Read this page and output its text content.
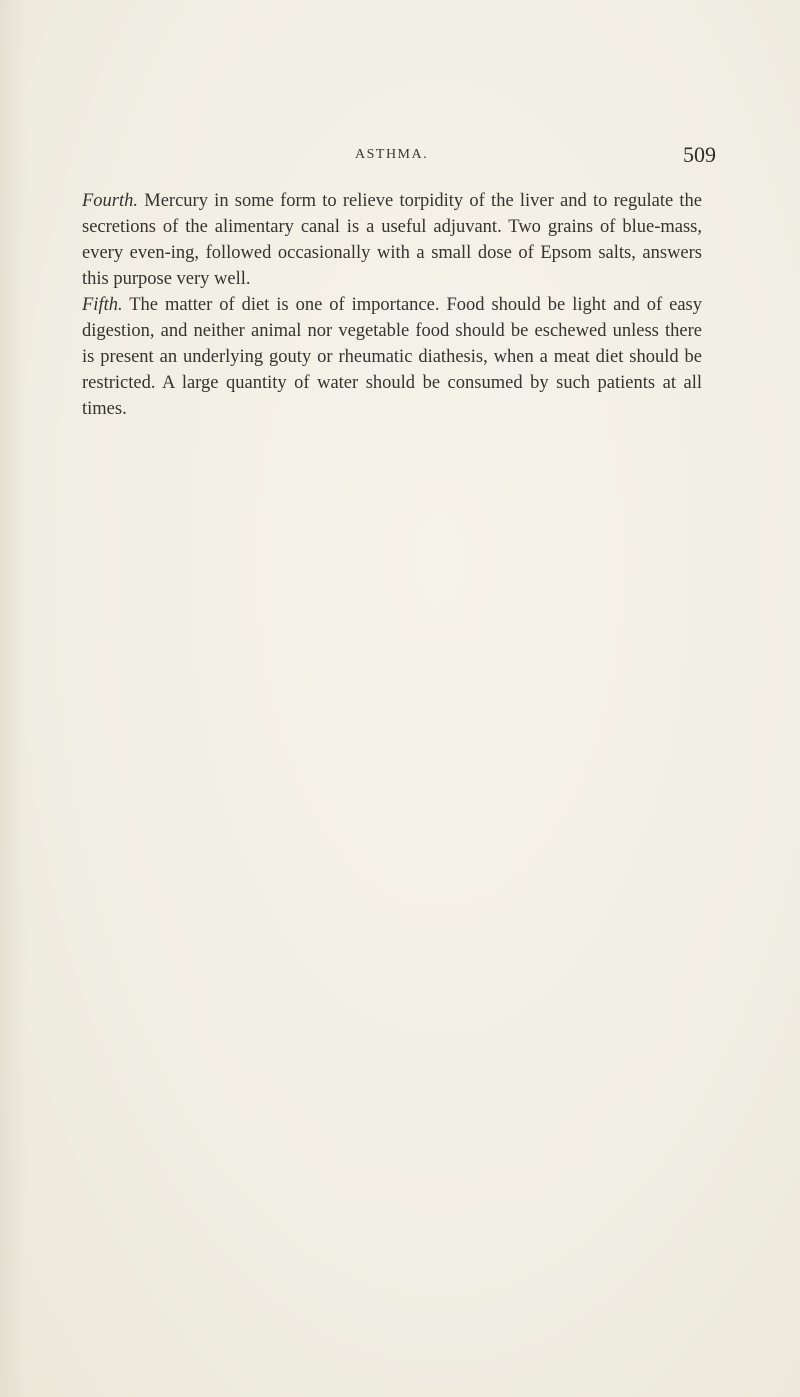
ASTHMA.	509

Fourth. Mercury in some form to relieve torpidity of the liver and to regulate the secretions of the alimentary canal is a useful adjuvant. Two grains of blue-mass, every even-ing, followed occasionally with a small dose of Epsom salts, answers this purpose very well.

Fifth. The matter of diet is one of importance. Food should be light and of easy digestion, and neither animal nor vegetable food should be eschewed unless there is present an underlying gouty or rheumatic diathesis, when a meat diet should be restricted. A large quantity of water should be consumed by such patients at all times.
